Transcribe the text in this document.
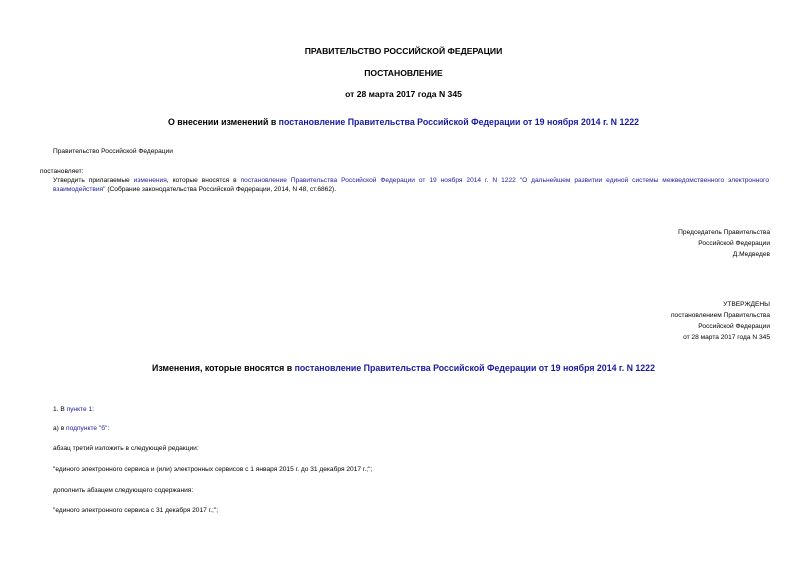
ПРАВИТЕЛЬСТВО РОССИЙСКОЙ ФЕДЕРАЦИИ
ПОСТАНОВЛЕНИЕ
от 28 марта 2017 года N 345
О внесении изменений в постановление Правительства Российской Федерации от 19 ноября 2014 г. N 1222
Правительство Российской Федерации
постановляет:
Утвердить прилагаемые изменения, которые вносятся в постановление Правительства Российской Федерации от 19 ноября 2014 г. N 1222 "О дальнейшем развитии единой системы межведомственного электронного взаимодействия" (Собрание законодательства Российской Федерации, 2014, N 48, ст.6862).
Председатель Правительства
Российской Федерации
Д.Медведев
УТВЕРЖДЕНЫ
постановлением Правительства
Российской Федерации
от 28 марта 2017 года N 345
Изменения, которые вносятся в постановление Правительства Российской Федерации от 19 ноября 2014 г. N 1222
1. В пункте 1:
а) в подпункте "б":
абзац третий изложить в следующей редакции:
"единого электронного сервиса и (или) электронных сервисов с 1 января 2015 г. до 31 декабря 2017 г.;";
дополнить абзацем следующего содержания:
"единого электронного сервиса с 31 декабря 2017 г.;";
